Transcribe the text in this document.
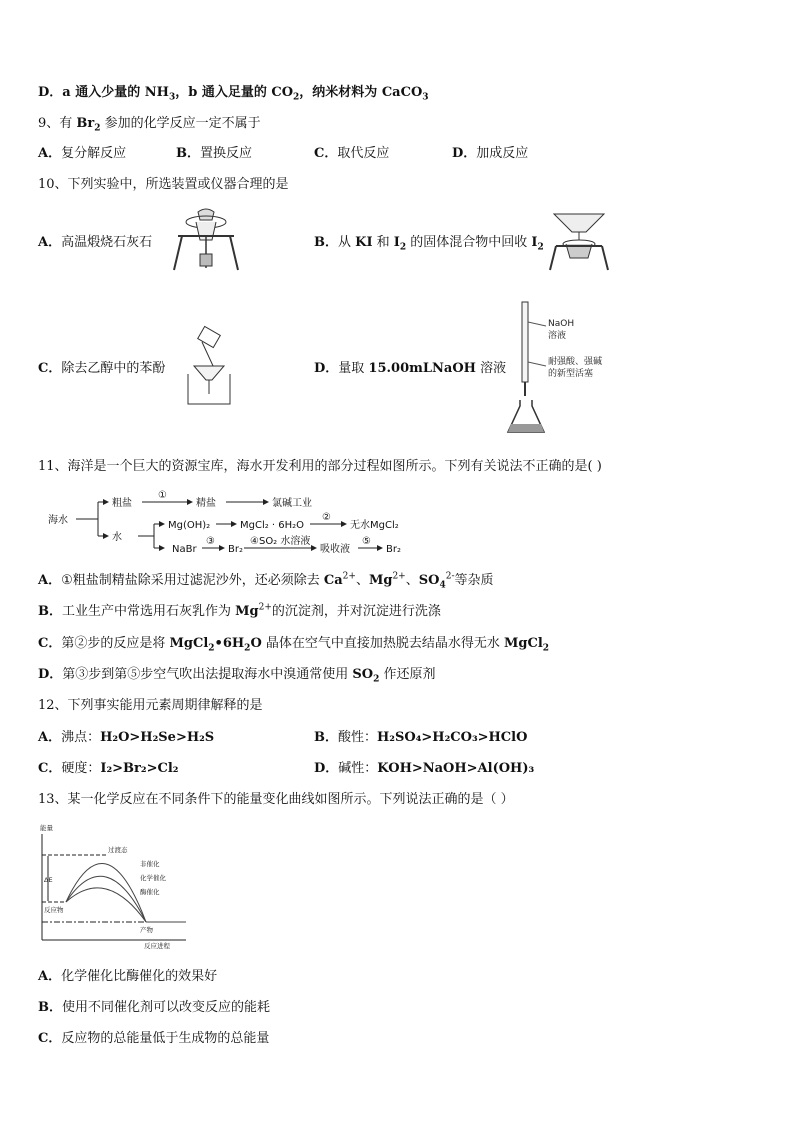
D．a 通入少量的 $NH_3$，b 通入足量的 $CO_2$，纳米材料为 CaCO$_3$
9、有 $Br_2$ 参加的化学反应一定不属于
A．复分解反应	B．置换反应	C．取代反应	D．加成反应
10、下列实验中，所选装置或仪器合理的是
A．高温煅烧石灰石	B．从 KI 和 $I_2$ 的固体混合物中回收 $I_2$
C．除去乙醇中的苯酚	D．量取 15.00mLNaOH 溶液
NaOH
溶液
耐强酸、强碱
的新型活塞
11、海洋是一个巨大的资源宝库，海水开发利用的部分过程如图所示。下列有关说法不正确的是( )
海水
粗盐
①
精盐	氯碱工业
水
Mg(OH)₂	MgCl₂ · 6H₂O
②
无水MgCl₂
NaBr
③
Br₂
④SO₂ 水溶液
吸收液
⑤
Br₂
A．①粗盐制精盐除采用过滤泥沙外，还必须除去 $Ca^{2+}$、$Mg^{2+}$、$SO_4^{2-}$等杂质
B．工业生产中常选用石灰乳作为 $Mg^{2+}$的沉淀剂，并对沉淀进行洗涤
C．第②步的反应是将 $MgCl_2•6H_2O$ 晶体在空气中直接加热脱去结晶水得无水 MgCl$_2$
D．第③步到第⑤步空气吹出法提取海水中溴通常使用 $SO_2$ 作还原剂
12、下列事实能用元素周期律解释的是
A．沸点：H₂O>H₂Se>H₂S	B．酸性：H₂SO₄>H₂CO₃>HClO
C．硬度：I₂>Br₂>Cl₂	D．碱性：KOH>NaOH>Al(OH)₃
13、某一化学反应在不同条件下的能量变化曲线如图所示。下列说法正确的是（ ）
能量
ΔE
过渡态
非催化
化学催化
酶催化
反应物
产物
反应进程
A．化学催化比酶催化的效果好
B．使用不同催化剂可以改变反应的能耗
C．反应物的总能量低于生成物的总能量
